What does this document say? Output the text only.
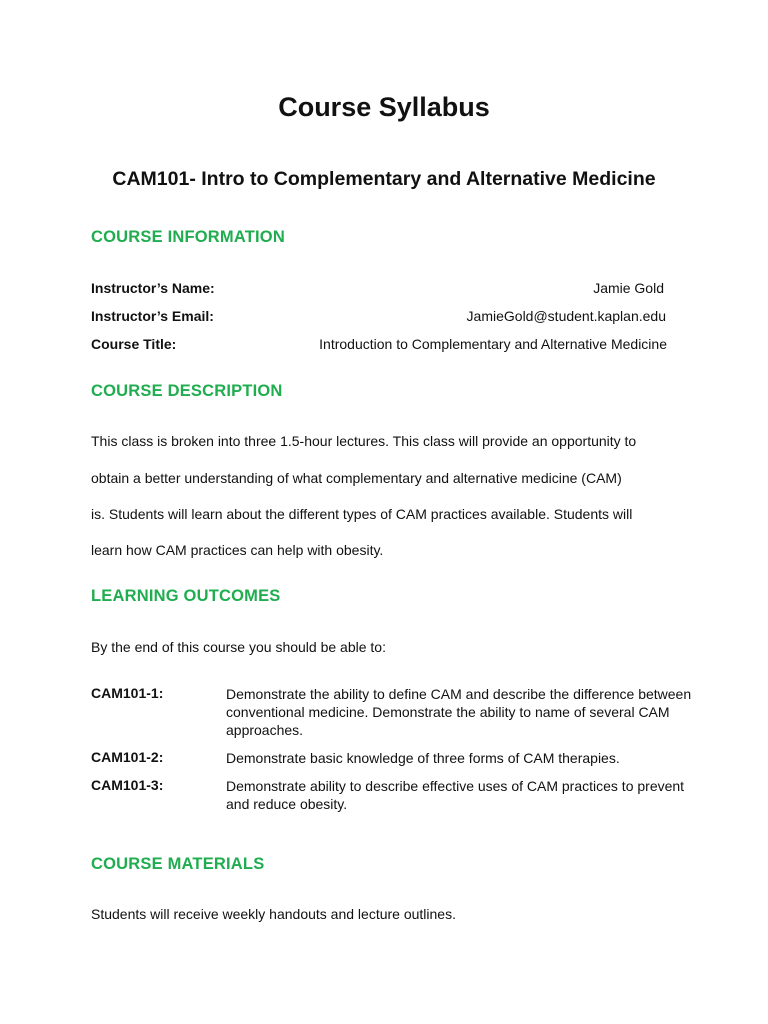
Course Syllabus
CAM101- Intro to Complementary and Alternative Medicine
COURSE INFORMATION
Instructor’s Name:	Jamie Gold
Instructor’s Email:	JamieGold@student.kaplan.edu
Course Title:	Introduction to Complementary and Alternative Medicine
COURSE DESCRIPTION
This class is broken into three 1.5-hour lectures. This class will provide an opportunity to
obtain a better understanding of what complementary and alternative medicine (CAM)
is. Students will learn about the different types of CAM practices available. Students will
learn how CAM practices can help with obesity.
LEARNING OUTCOMES
By the end of this course you should be able to:
CAM101-1:	Demonstrate the ability to define CAM and describe the difference between conventional medicine. Demonstrate the ability to name of several CAM approaches.
CAM101-2:	Demonstrate basic knowledge of three forms of CAM therapies.
CAM101-3:	Demonstrate ability to describe effective uses of CAM practices to prevent and reduce obesity.
COURSE MATERIALS
Students will receive weekly handouts and lecture outlines.
